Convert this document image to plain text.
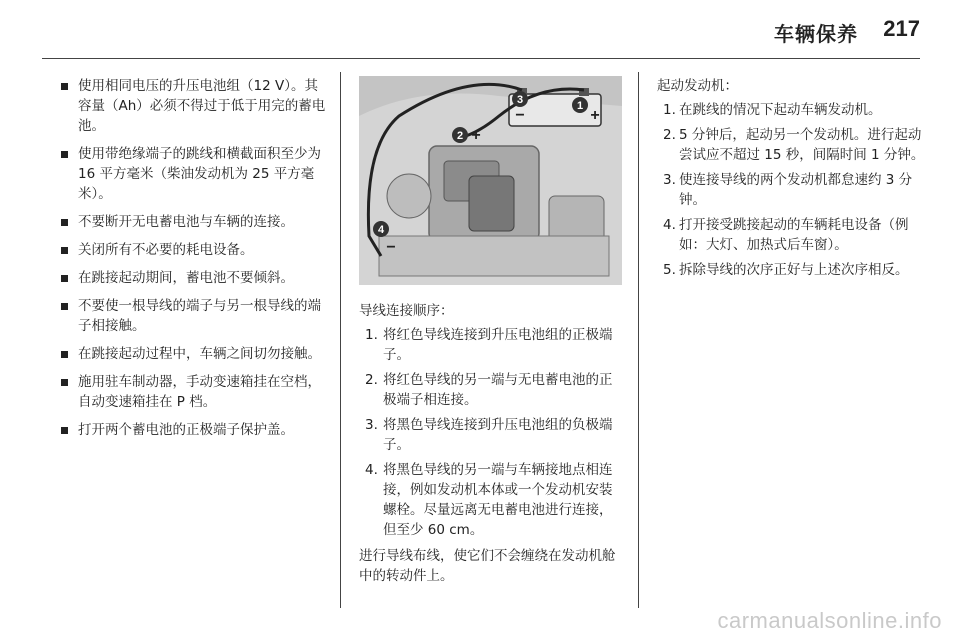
车辆保养 217
使用相同电压的升压电池组（12 V）。其容量（Ah）必须不得过于低于用完的蓄电池。
使用带绝缘端子的跳线和横截面积至少为 16 平方毫米（柴油发动机为 25 平方毫米）。
不要断开无电蓄电池与车辆的连接。
关闭所有不必要的耗电设备。
在跳接起动期间，蓄电池不要倾斜。
不要使一根导线的端子与另一根导线的端子相接触。
在跳接起动过程中，车辆之间切勿接触。
施用驻车制动器，手动变速箱挂在空档，自动变速箱挂在 P 档。
打开两个蓄电池的正极端子保护盖。
1
+
2 +
3
−
4
−

导线连接顺序：

1. 将红色导线连接到升压电池组的正极端子。
2. 将红色导线的另一端与无电蓄电池的正极端子相连接。
3. 将黑色导线连接到升压电池组的负极端子。
4. 将黑色导线的另一端与车辆接地点相连接，例如发动机本体或一个发动机安装螺栓。尽量远离无电蓄电池进行连接，但至少 60 cm。

进行导线布线，使它们不会缠绕在发动机舱中的转动件上。

起动发动机：

1. 在跳线的情况下起动车辆发动机。
2. 5 分钟后，起动另一个发动机。进行起动尝试应不超过 15 秒，间隔时间 1 分钟。
3. 使连接导线的两个发动机都怠速约 3 分钟。
4. 打开接受跳接起动的车辆耗电设备（例如：大灯、加热式后车窗）。
5. 拆除导线的次序正好与上述次序相反。
carmanualsonline.info
